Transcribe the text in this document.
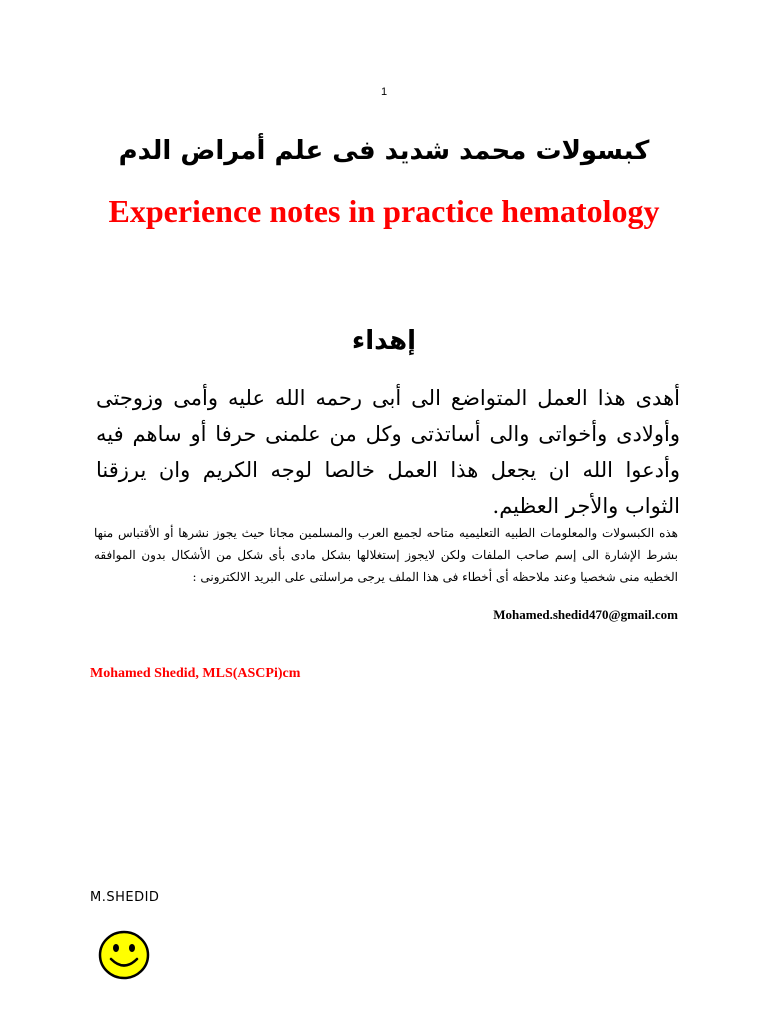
1
كبسولات محمد شديد فى علم أمراض الدم
Experience notes in practice hematology
إهداء
أهدى هذا العمل المتواضع الى أبى رحمه الله عليه وأمى وزوجتى وأولادى وأخواتى والى أساتذتى وكل من علمنى حرفا أو ساهم فيه وأدعوا الله ان يجعل هذا العمل خالصا لوجه الكريم وان يرزقنا الثواب والأجر العظيم.
هذه الكبسولات والمعلومات الطبيه التعليميه متاحه لجميع العرب والمسلمين مجانا حيث يجوز نشرها أو الأقتباس منها بشرط الإشارة الى إسم صاحب الملفات ولكن لايجوز إستغلالها بشكل مادى بأى شكل من الأشكال بدون الموافقه الخطيه منى شخصيا وعند ملاحظه أى أخطاء فى هذا الملف يرجى مراسلتى على البريد الالكترونى :
Mohamed.shedid470@gmail.com
Mohamed Shedid, MLS(ASCPi)cm
M.SHEDID
